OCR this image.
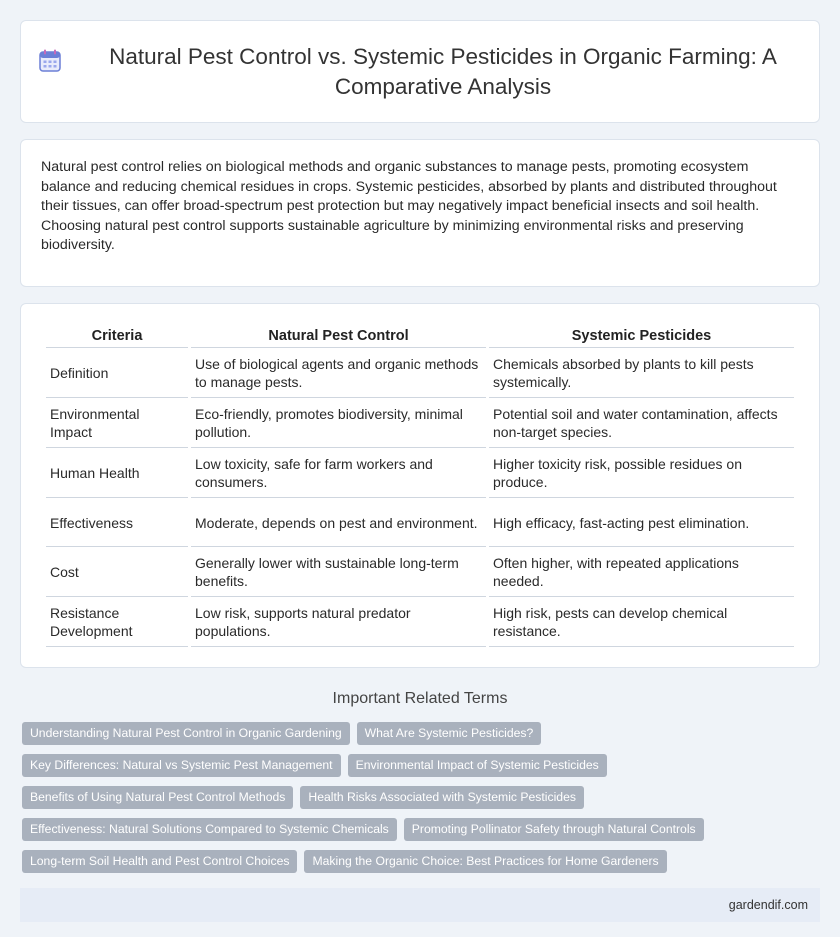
Natural Pest Control vs. Systemic Pesticides in Organic Farming: A Comparative Analysis

Natural pest control relies on biological methods and organic substances to manage pests, promoting ecosystem balance and reducing chemical residues in crops. Systemic pesticides, absorbed by plants and distributed throughout their tissues, can offer broad-spectrum pest protection but may negatively impact beneficial insects and soil health. Choosing natural pest control supports sustainable agriculture by minimizing environmental risks and preserving biodiversity.

Criteria	Natural Pest Control	Systemic Pesticides
Definition	Use of biological agents and organic methods to manage pests.	Chemicals absorbed by plants to kill pests systemically.
Environmental Impact	Eco-friendly, promotes biodiversity, minimal pollution.	Potential soil and water contamination, affects non-target species.
Human Health	Low toxicity, safe for farm workers and consumers.	Higher toxicity risk, possible residues on produce.
Effectiveness	Moderate, depends on pest and environment.	High efficacy, fast-acting pest elimination.
Cost	Generally lower with sustainable long-term benefits.	Often higher, with repeated applications needed.
Resistance Development	Low risk, supports natural predator populations.	High risk, pests can develop chemical resistance.
Important Related Terms
Understanding Natural Pest Control in Organic Gardening	What Are Systemic Pesticides?
Key Differences: Natural vs Systemic Pest Management	Environmental Impact of Systemic Pesticides
Benefits of Using Natural Pest Control Methods	Health Risks Associated with Systemic Pesticides
Effectiveness: Natural Solutions Compared to Systemic Chemicals	Promoting Pollinator Safety through Natural Controls
Long-term Soil Health and Pest Control Choices	Making the Organic Choice: Best Practices for Home Gardeners
gardendif.com
